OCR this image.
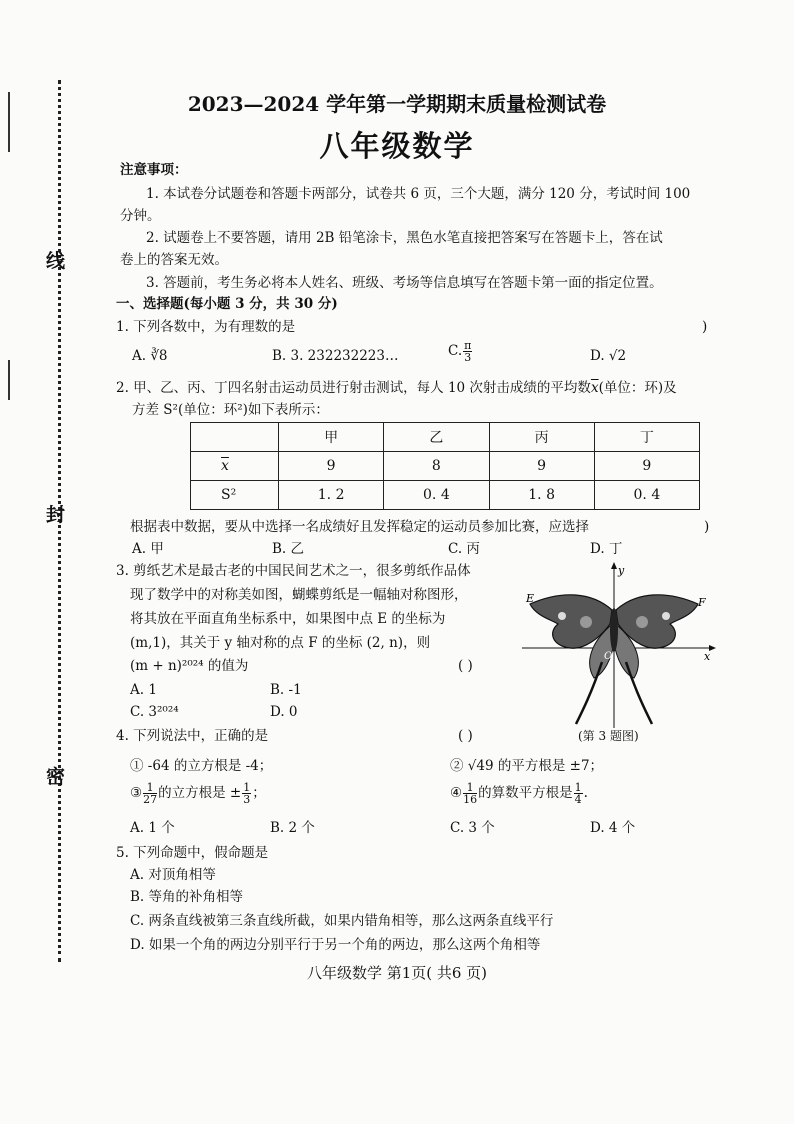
线
封
密
2023—2024 学年第一学期期末质量检测试卷
八年级数学
注意事项：
1. 本试卷分试题卷和答题卡两部分，试卷共 6 页，三个大题，满分 120 分，考试时间 100
分钟。
2. 试题卷上不要答题，请用 2B 铅笔涂卡，黑色水笔直接把答案写在答题卡上，答在试
卷上的答案无效。
3. 答题前，考生务必将本人姓名、班级、考场等信息填写在答题卡第一面的指定位置。
一、选择题(每小题 3 分，共 30 分)
1. 下列各数中，为有理数的是	)
A. ∛8	B. 3. 232232223…	C. $\frac{\pi}{3}$	D. √2
2. 甲、乙、丙、丁四名射击运动员进行射击测试，每人 10 次射击成绩的平均数$\overline{x}$(单位：环)及
方差 S²(单位：环²)如下表所示：
	甲	乙	丙	丁
$\overline{x}$	9	8	9	9
S²	1. 2	0. 4	1. 8	0. 4
根据表中数据，要从中选择一名成绩好且发挥稳定的运动员参加比赛，应选择	)
A. 甲	B. 乙	C. 丙	D. 丁
3. 剪纸艺术是最古老的中国民间艺术之一，很多剪纸作品体
现了数学中的对称美如图，蝴蝶剪纸是一幅轴对称图形，
将其放在平面直角坐标系中，如果图中点 E 的坐标为
(m,1)，其关于 y 轴对称的点 F 的坐标 (2, n)，则
(m + n)²⁰²⁴ 的值为	( )
A. 1	B. -1
C. 3²⁰²⁴	D. 0
y
x
E	F
O
(第 3 题图)
4. 下列说法中，正确的是	( )
① -64 的立方根是 -4；	② √49 的平方根是 ±7；
③ $\frac{1}{27}$ 的立方根是 ± $\frac{1}{3}$ ；	④ $\frac{1}{16}$ 的算数平方根是 $\frac{1}{4}$ .
A. 1 个	B. 2 个	C. 3 个	D. 4 个
5. 下列命题中，假命题是
A. 对顶角相等
B. 等角的补角相等
C. 两条直线被第三条直线所截，如果内错角相等，那么这两条直线平行
D. 如果一个角的两边分别平行于另一个角的两边，那么这两个角相等
八年级数学 第1页( 共6 页)
